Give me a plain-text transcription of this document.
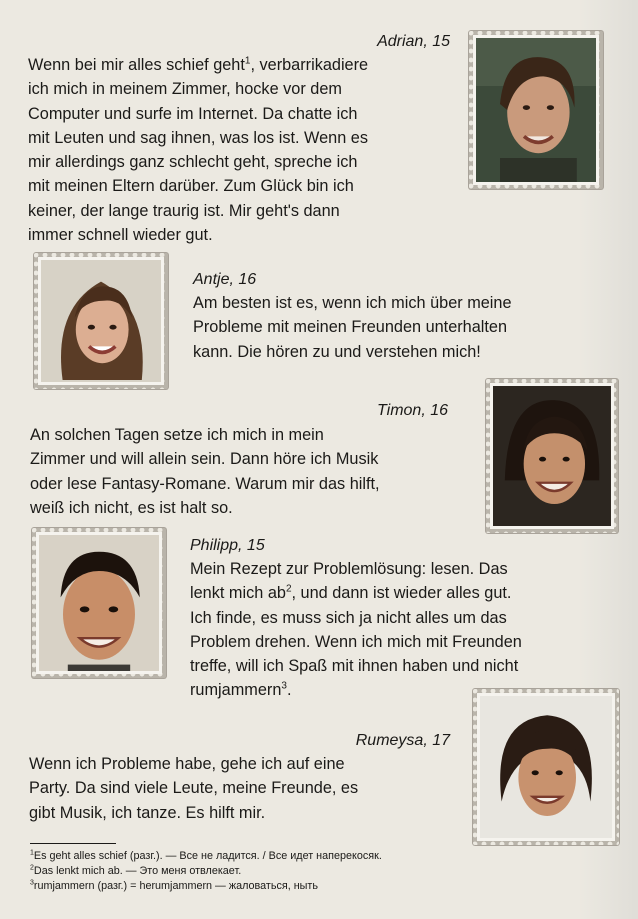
Adrian, 15
Wenn bei mir alles schief geht$^1$, verbarrikadiere
ich mich in meinem Zimmer, hocke vor dem
Computer und surfe im Internet. Da chatte ich
mit Leuten und sag ihnen, was los ist. Wenn es
mir allerdings ganz schlecht geht, spreche ich
mit meinen Eltern darüber. Zum Glück bin ich
keiner, der lange traurig ist. Mir geht's dann
immer schnell wieder gut.
Antje, 16
Am besten ist es, wenn ich mich über meine
Probleme mit meinen Freunden unterhalten
kann. Die hören zu und verstehen mich!
Timon, 16
An solchen Tagen setze ich mich in mein
Zimmer und will allein sein. Dann höre ich Musik
oder lese Fantasy-Romane. Warum mir das hilft,
weiß ich nicht, es ist halt so.
Philipp, 15
Mein Rezept zur Problemlösung: lesen. Das
lenkt mich $ab^2$, und dann ist wieder alles gut.
Ich finde, es muss sich ja nicht alles um das
Problem drehen. Wenn ich mich mit Freunden
treffe, will ich Spaß mit ihnen haben und nicht
rumjammern$^3$.
Rumeysa, 17
Wenn ich Probleme habe, gehe ich auf eine
Party. Da sind viele Leute, meine Freunde, es
gibt Musik, ich tanze. Es hilft mir.
$^1$Es geht alles schief (разг.). — Все не ладится. / Все идет наперекосяк.
$^2$Das lenkt mich ab. — Это меня отвлекает.
$^3$rumjammern (разг.) = herumjammern — жаловаться, ныть
